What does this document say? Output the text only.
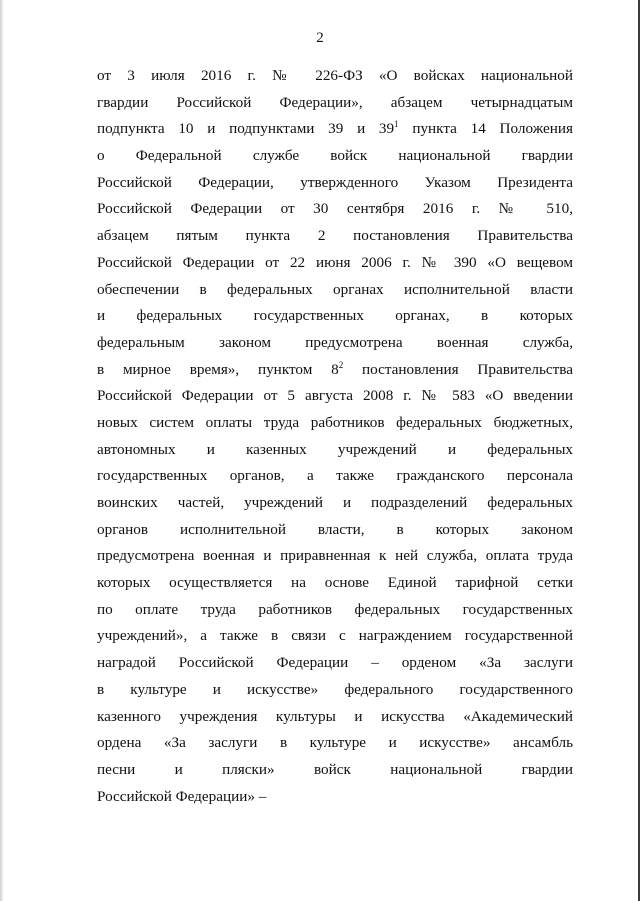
2
от 3 июля 2016 г. № 226-ФЗ «О войсках национальной
гвардии Российской Федерации», абзацем четырнадцатым
подпункта 10 и подпунктами 39 и $39^1$ пункта 14 Положения
о Федеральной службе войск национальной гвардии
Российской Федерации, утвержденного Указом Президента
Российской Федерации от 30 сентября 2016 г. № 510,
абзацем пятым пункта 2 постановления Правительства
Российской Федерации от 22 июня 2006 г. № 390 «О вещевом
обеспечении в федеральных органах исполнительной власти
и федеральных государственных органах, в которых
федеральным законом предусмотрена военная служба,
в мирное время», пунктом $8^2$ постановления Правительства
Российской Федерации от 5 августа 2008 г. № 583 «О введении
новых систем оплаты труда работников федеральных бюджетных,
автономных и казенных учреждений и федеральных
государственных органов, а также гражданского персонала
воинских частей, учреждений и подразделений федеральных
органов исполнительной власти, в которых законом
предусмотрена военная и приравненная к ней служба, оплата труда
которых осуществляется на основе Единой тарифной сетки
по оплате труда работников федеральных государственных
учреждений», а также в связи с награждением государственной
наградой Российской Федерации – орденом «За заслуги
в культуре и искусстве» федерального государственного
казенного учреждения культуры и искусства «Академический
ордена «За заслуги в культуре и искусстве» ансамбль
песни и пляски» войск национальной гвардии
Российской Федерации» –
